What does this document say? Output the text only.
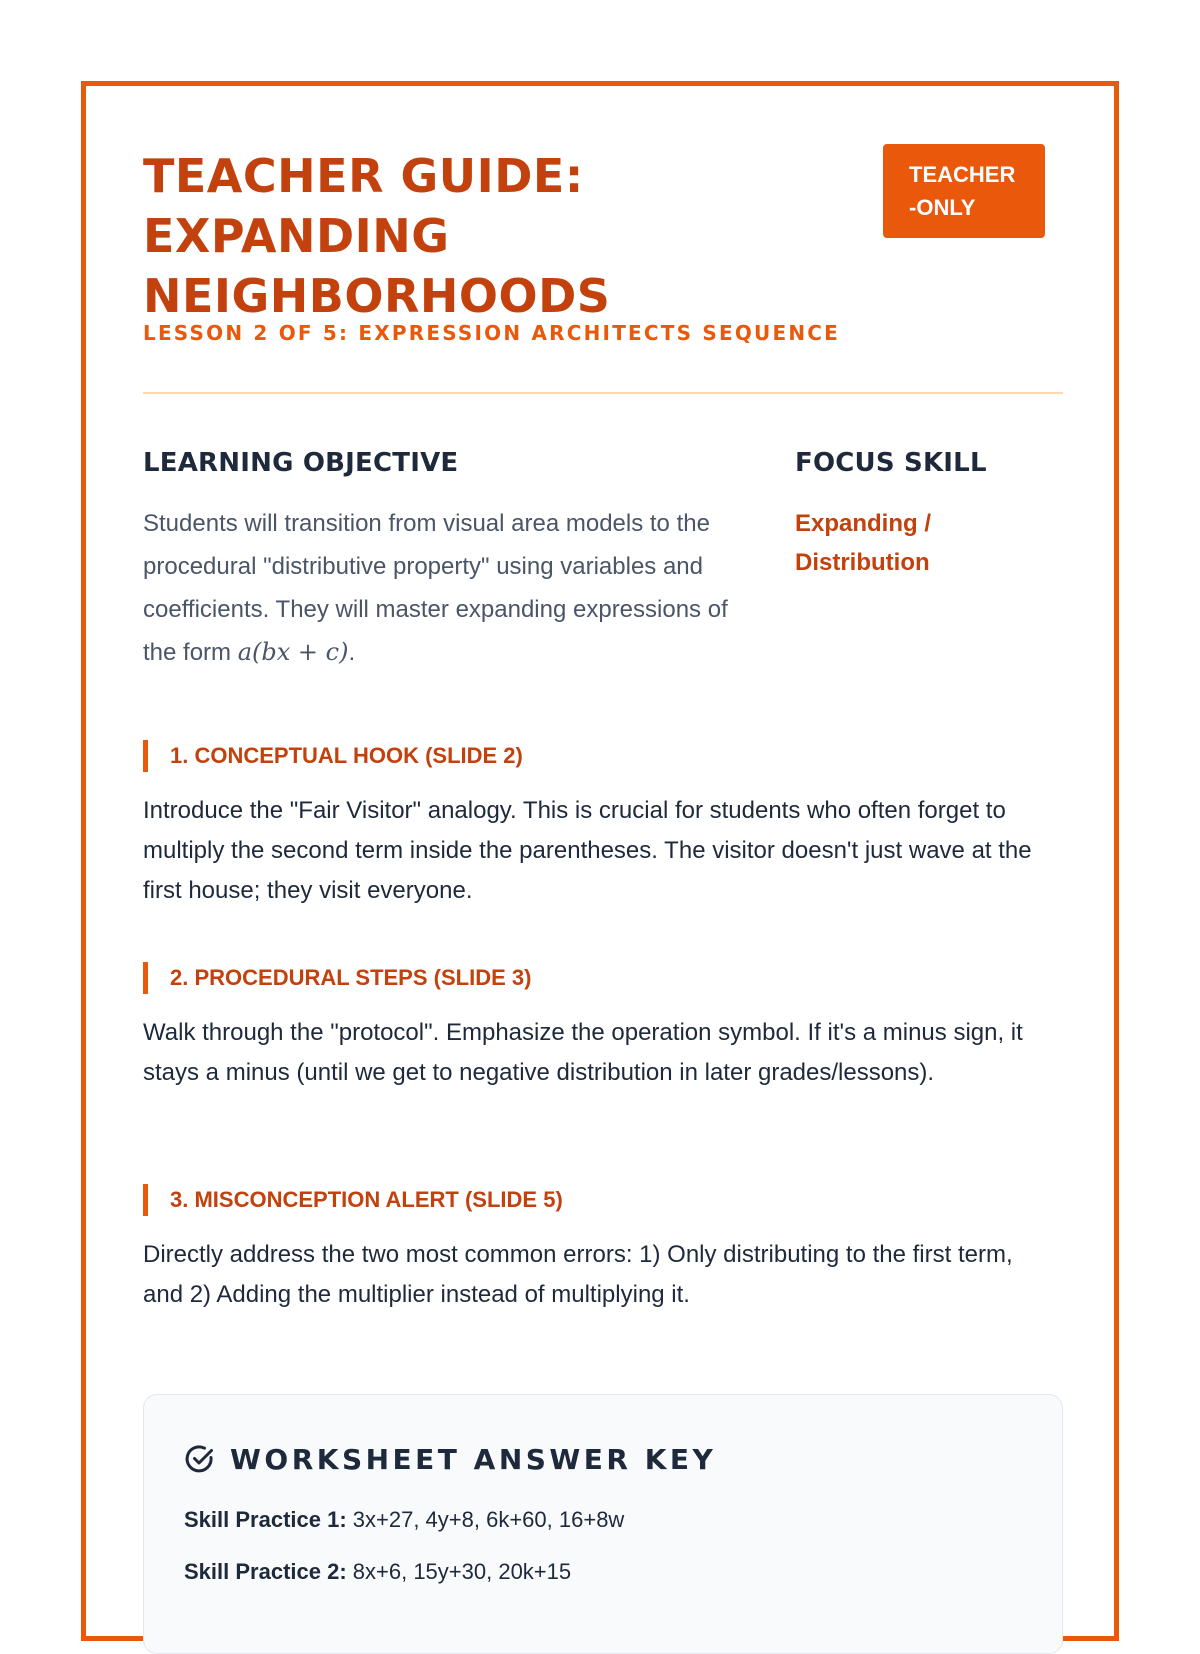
TEACHER GUIDE: EXPANDING NEIGHBORHOODS
LESSON 2 OF 5: EXPRESSION ARCHITECTS SEQUENCE
TEACHER-ONLY
LEARNING OBJECTIVE
Students will transition from visual area models to the procedural "distributive property" using variables and coefficients. They will master expanding expressions of the form a(bx + c).
FOCUS SKILL
Expanding / Distribution
1. CONCEPTUAL HOOK (SLIDE 2)
Introduce the "Fair Visitor" analogy. This is crucial for students who often forget to multiply the second term inside the parentheses. The visitor doesn't just wave at the first house; they visit everyone.
2. PROCEDURAL STEPS (SLIDE 3)
Walk through the "protocol". Emphasize the operation symbol. If it's a minus sign, it stays a minus (until we get to negative distribution in later grades/lessons).
3. MISCONCEPTION ALERT (SLIDE 5)
Directly address the two most common errors: 1) Only distributing to the first term, and 2) Adding the multiplier instead of multiplying it.
WORKSHEET ANSWER KEY
Skill Practice 1: 3x+27, 4y+8, 6k+60, 16+8w
Skill Practice 2: 8x+6, 15y+30, 20k+15
